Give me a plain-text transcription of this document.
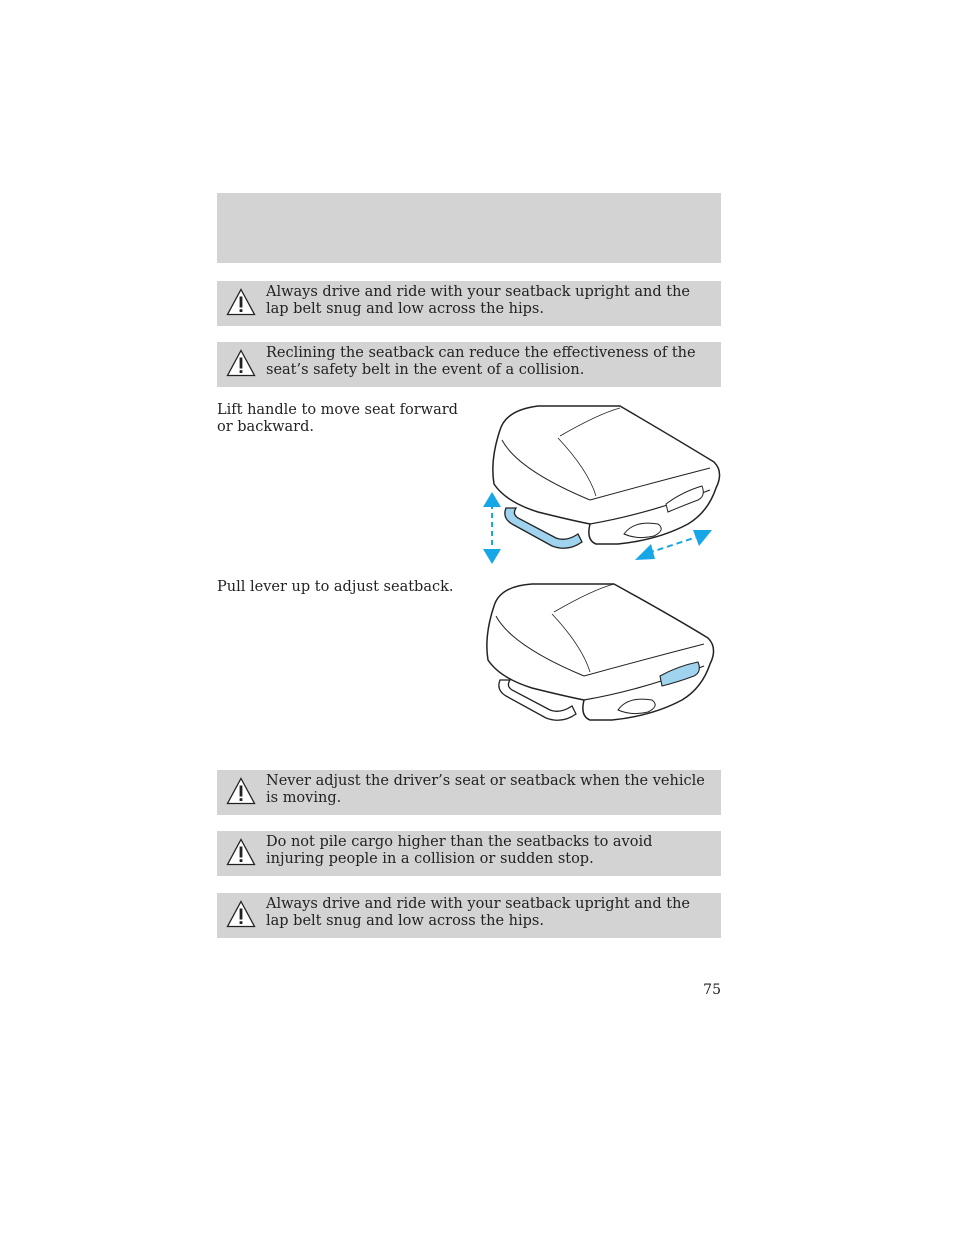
Always drive and ride with your seatback upright and the lap belt snug and low across the hips.
Reclining the seatback can reduce the effectiveness of the seat’s safety belt in the event of a collision.
Lift handle to move seat forward or backward.
Pull lever up to adjust seatback.
Never adjust the driver’s seat or seatback when the vehicle is moving.
Do not pile cargo higher than the seatbacks to avoid injuring people in a collision or sudden stop.
Always drive and ride with your seatback upright and the lap belt snug and low across the hips.
75
